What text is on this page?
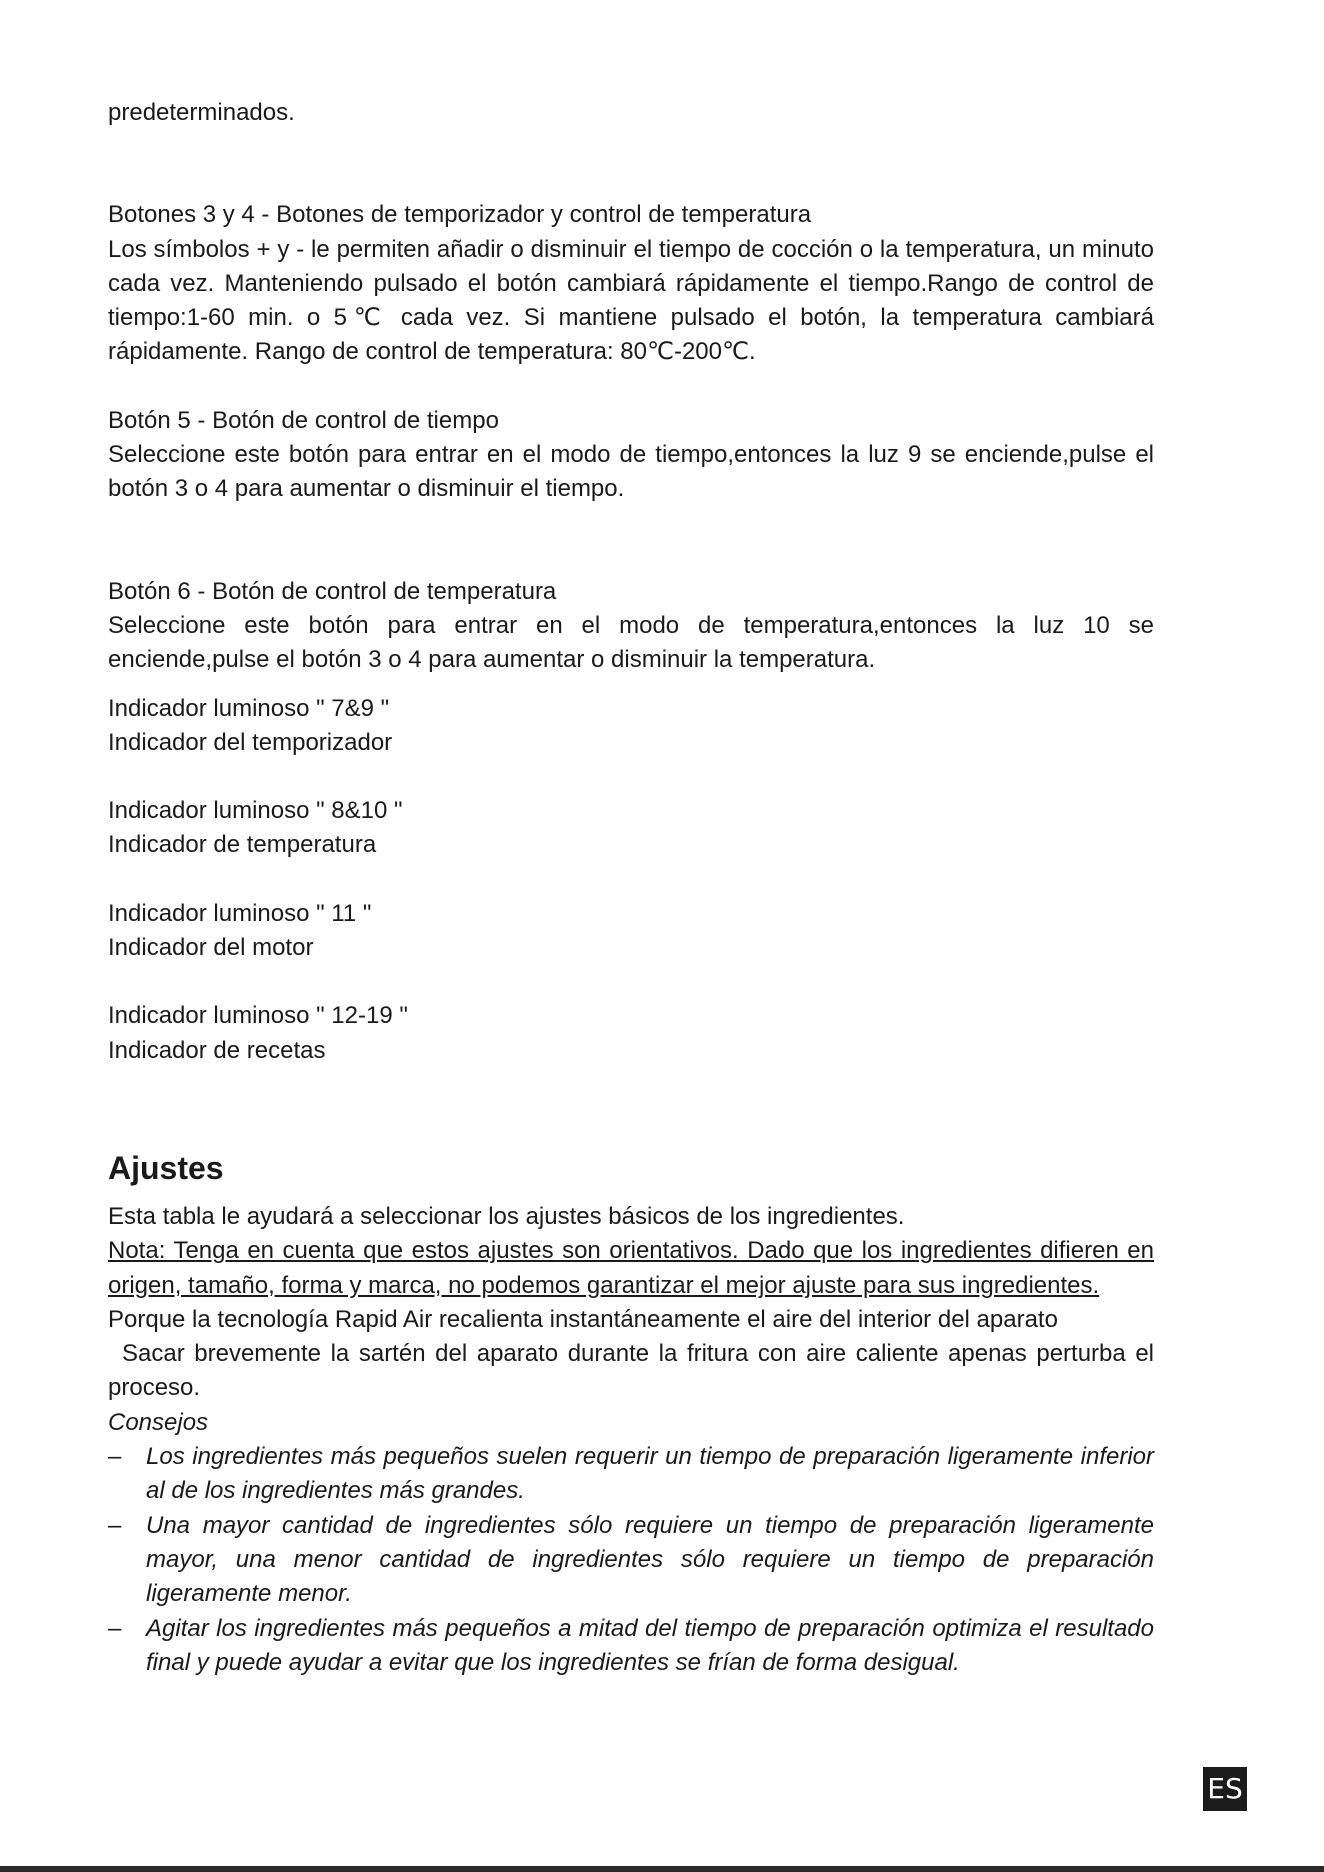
predeterminados.

Botones 3 y 4 - Botones de temporizador y control de temperatura

Los símbolos + y - le permiten añadir o disminuir el tiempo de cocción o la temperatura, un minuto cada vez. Manteniendo pulsado el botón cambiará rápidamente el tiempo.Rango de control de tiempo:1-60 min. o 5℃ cada vez. Si mantiene pulsado el botón, la temperatura cambiará rápidamente. Rango de control de temperatura: 80℃-200℃.

Botón 5 - Botón de control de tiempo

Seleccione este botón para entrar en el modo de tiempo,entonces la luz 9 se enciende,pulse el botón 3 o 4 para aumentar o disminuir el tiempo.

Botón 6 - Botón de control de temperatura

Seleccione este botón para entrar en el modo de temperatura,entonces la luz 10 se enciende,pulse el botón 3 o 4 para aumentar o disminuir la temperatura.

Indicador luminoso " 7&9 "

Indicador del temporizador

Indicador luminoso " 8&10 "

Indicador de temperatura

Indicador luminoso " 11 "

Indicador del motor

Indicador luminoso " 12-19 "

Indicador de recetas

Ajustes

Esta tabla le ayudará a seleccionar los ajustes básicos de los ingredientes.

Nota: Tenga en cuenta que estos ajustes son orientativos. Dado que los ingredientes difieren en origen, tamaño, forma y marca, no podemos garantizar el mejor ajuste para sus ingredientes.

Porque la tecnología Rapid Air recalienta instantáneamente el aire del interior del aparato

Sacar brevemente la sartén del aparato durante la fritura con aire caliente apenas perturba el proceso.

Consejos

– Los ingredientes más pequeños suelen requerir un tiempo de preparación ligeramente inferior al de los ingredientes más grandes.
– Una mayor cantidad de ingredientes sólo requiere un tiempo de preparación ligeramente mayor, una menor cantidad de ingredientes sólo requiere un tiempo de preparación ligeramente menor.
– Agitar los ingredientes más pequeños a mitad del tiempo de preparación optimiza el resultado final y puede ayudar a evitar que los ingredientes se frían de forma desigual.
ES
